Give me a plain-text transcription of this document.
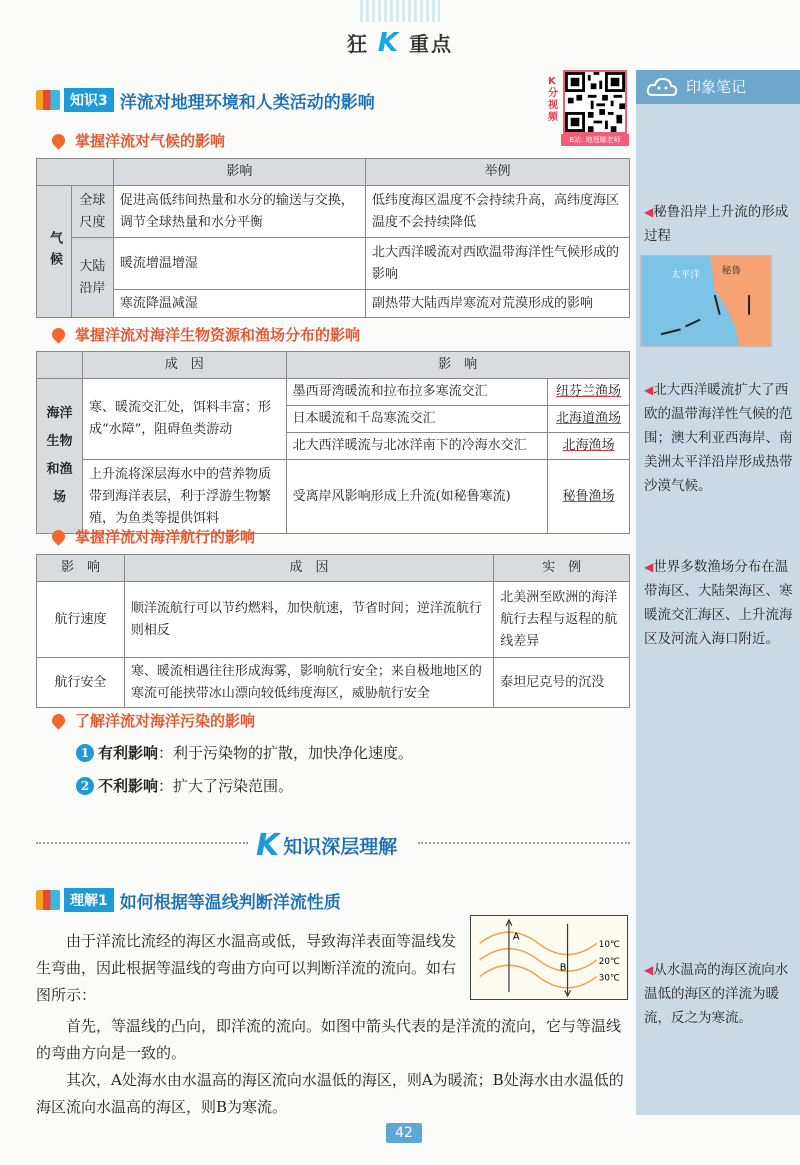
狂 K 重点
印象笔记
◀秘鲁沿岸上升流的形成过程
太平洋 秘鲁
◀北大西洋暖流扩大了西欧的温带海洋性气候的范围；澳大利亚西海岸、南美洲太平洋沿岸形成热带沙漠气候。
◀世界多数渔场分布在温带海区、大陆架海区、寒暖流交汇海区、上升流海区及河流入海口附近。
◀从水温高的海区流向水温低的海区的洋流为暖流，反之为寒流。
K分视频
B站: 地理娜老师
知识3 洋流对地理环境和人类活动的影响
掌握洋流对气候的影响
		影响	举例
气候	全球尺度	促进高低纬间热量和水分的输送与交换，调节全球热量和水分平衡	低纬度海区温度不会持续升高，高纬度海区温度不会持续降低
	大陆沿岸	暖流增温增湿	北大西洋暖流对西欧温带海洋性气候形成的影响
		寒流降温减湿	副热带大陆西岸寒流对荒漠形成的影响
掌握洋流对海洋生物资源和渔场分布的影响
	成　因	影　响	
海洋生物和渔场	寒、暖流交汇处，饵料丰富；形成“水障”，阻碍鱼类游动	墨西哥湾暖流和拉布拉多寒流交汇	纽芬兰渔场
		日本暖流和千岛寒流交汇	北海道渔场
		北大西洋暖流与北冰洋南下的冷海水交汇	北海渔场
	上升流将深层海水中的营养物质带到海洋表层，利于浮游生物繁殖，为鱼类等提供饵料	受离岸风影响形成上升流(如秘鲁寒流)	秘鲁渔场
掌握洋流对海洋航行的影响
影　响	成　因	实　例
航行速度	顺洋流航行可以节约燃料，加快航速，节省时间；逆洋流航行则相反	北美洲至欧洲的海洋航行去程与返程的航线差异
航行安全	寒、暖流相遇往往形成海雾，影响航行安全；来自极地地区的寒流可能挟带冰山漂向较低纬度海区，威胁航行安全	泰坦尼克号的沉没
了解洋流对海洋污染的影响
1 有利影响 ：利于污染物的扩散，加快净化速度。
2 不利影响 ：扩大了污染范围。
K 知识深层理解
理解1 如何根据等温线判断洋流性质
由于洋流比流经的海区水温高或低，导致海洋表面等温线发生弯曲，因此根据等温线的弯曲方向可以判断洋流的流向。如右图所示：
首先，等温线的凸向，即洋流的流向。如图中箭头代表的是洋流的流向，它与等温线的弯曲方向是一致的。
其次，A处海水由水温高的海区流向水温低的海区，则A为暖流；B处海水由水温低的海区流向水温高的海区，则B为寒流。
A
B
10℃
20℃
30℃
42
